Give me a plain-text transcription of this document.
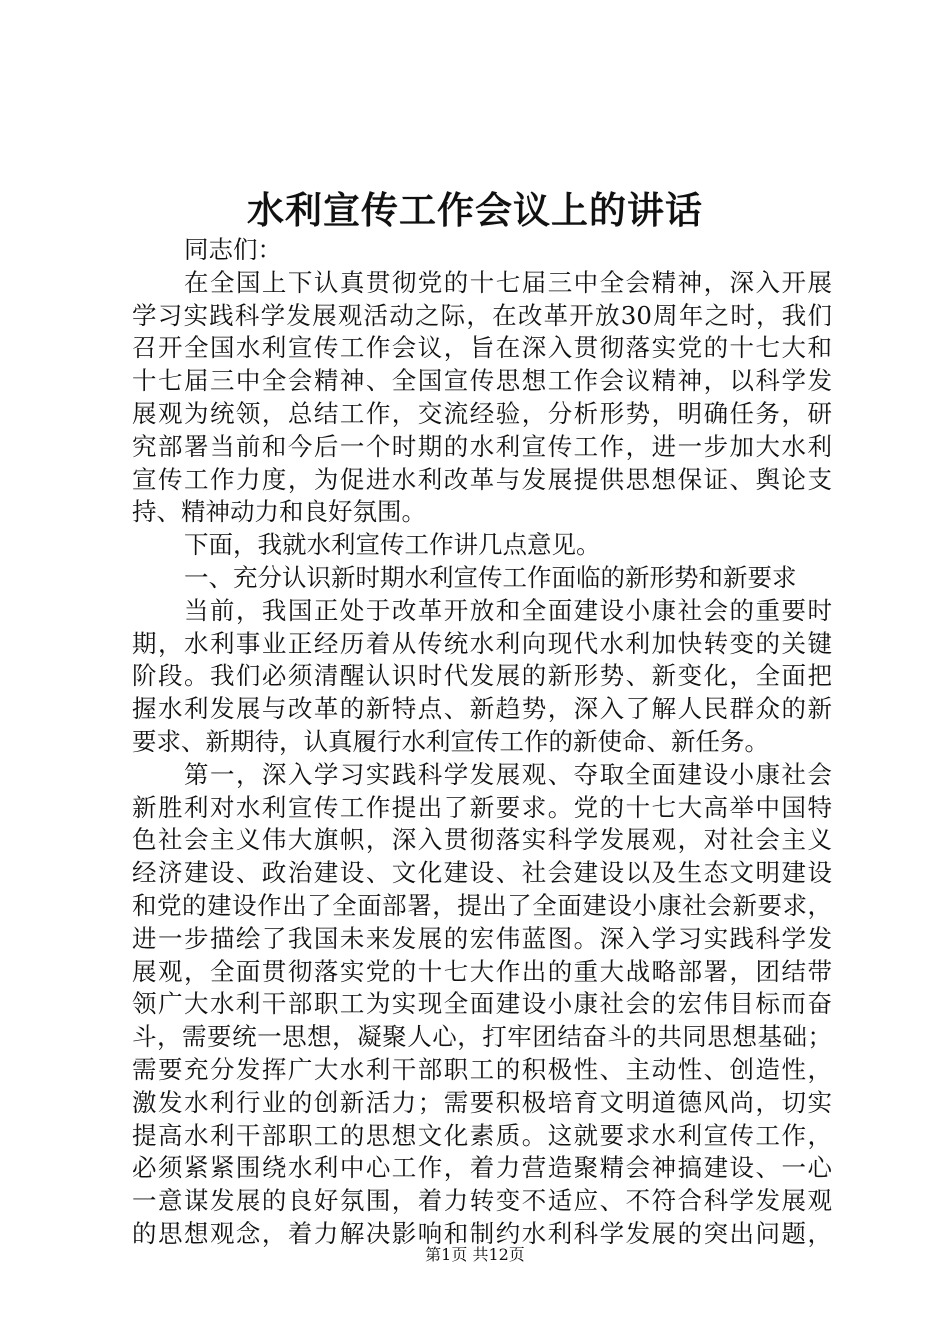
水利宣传工作会议上的讲话
同志们：
在全国上下认真贯彻党的十七届三中全会精神，深入开展
学习实践科学发展观活动之际，在改革开放30周年之时，我们
召开全国水利宣传工作会议，旨在深入贯彻落实党的十七大和
十七届三中全会精神、全国宣传思想工作会议精神，以科学发
展观为统领，总结工作，交流经验，分析形势，明确任务，研
究部署当前和今后一个时期的水利宣传工作，进一步加大水利
宣传工作力度，为促进水利改革与发展提供思想保证、舆论支
持、精神动力和良好氛围。
下面，我就水利宣传工作讲几点意见。
一、充分认识新时期水利宣传工作面临的新形势和新要求
当前，我国正处于改革开放和全面建设小康社会的重要时
期，水利事业正经历着从传统水利向现代水利加快转变的关键
阶段。我们必须清醒认识时代发展的新形势、新变化，全面把
握水利发展与改革的新特点、新趋势，深入了解人民群众的新
要求、新期待，认真履行水利宣传工作的新使命、新任务。
第一，深入学习实践科学发展观、夺取全面建设小康社会
新胜利对水利宣传工作提出了新要求。党的十七大高举中国特
色社会主义伟大旗帜，深入贯彻落实科学发展观，对社会主义
经济建设、政治建设、文化建设、社会建设以及生态文明建设
和党的建设作出了全面部署，提出了全面建设小康社会新要求，
进一步描绘了我国未来发展的宏伟蓝图。深入学习实践科学发
展观，全面贯彻落实党的十七大作出的重大战略部署，团结带
领广大水利干部职工为实现全面建设小康社会的宏伟目标而奋
斗，需要统一思想，凝聚人心，打牢团结奋斗的共同思想基础；
需要充分发挥广大水利干部职工的积极性、主动性、创造性，
激发水利行业的创新活力；需要积极培育文明道德风尚，切实
提高水利干部职工的思想文化素质。这就要求水利宣传工作，
必须紧紧围绕水利中心工作，着力营造聚精会神搞建设、一心
一意谋发展的良好氛围，着力转变不适应、不符合科学发展观
的思想观念，着力解决影响和制约水利科学发展的突出问题，
第1页 共12页
